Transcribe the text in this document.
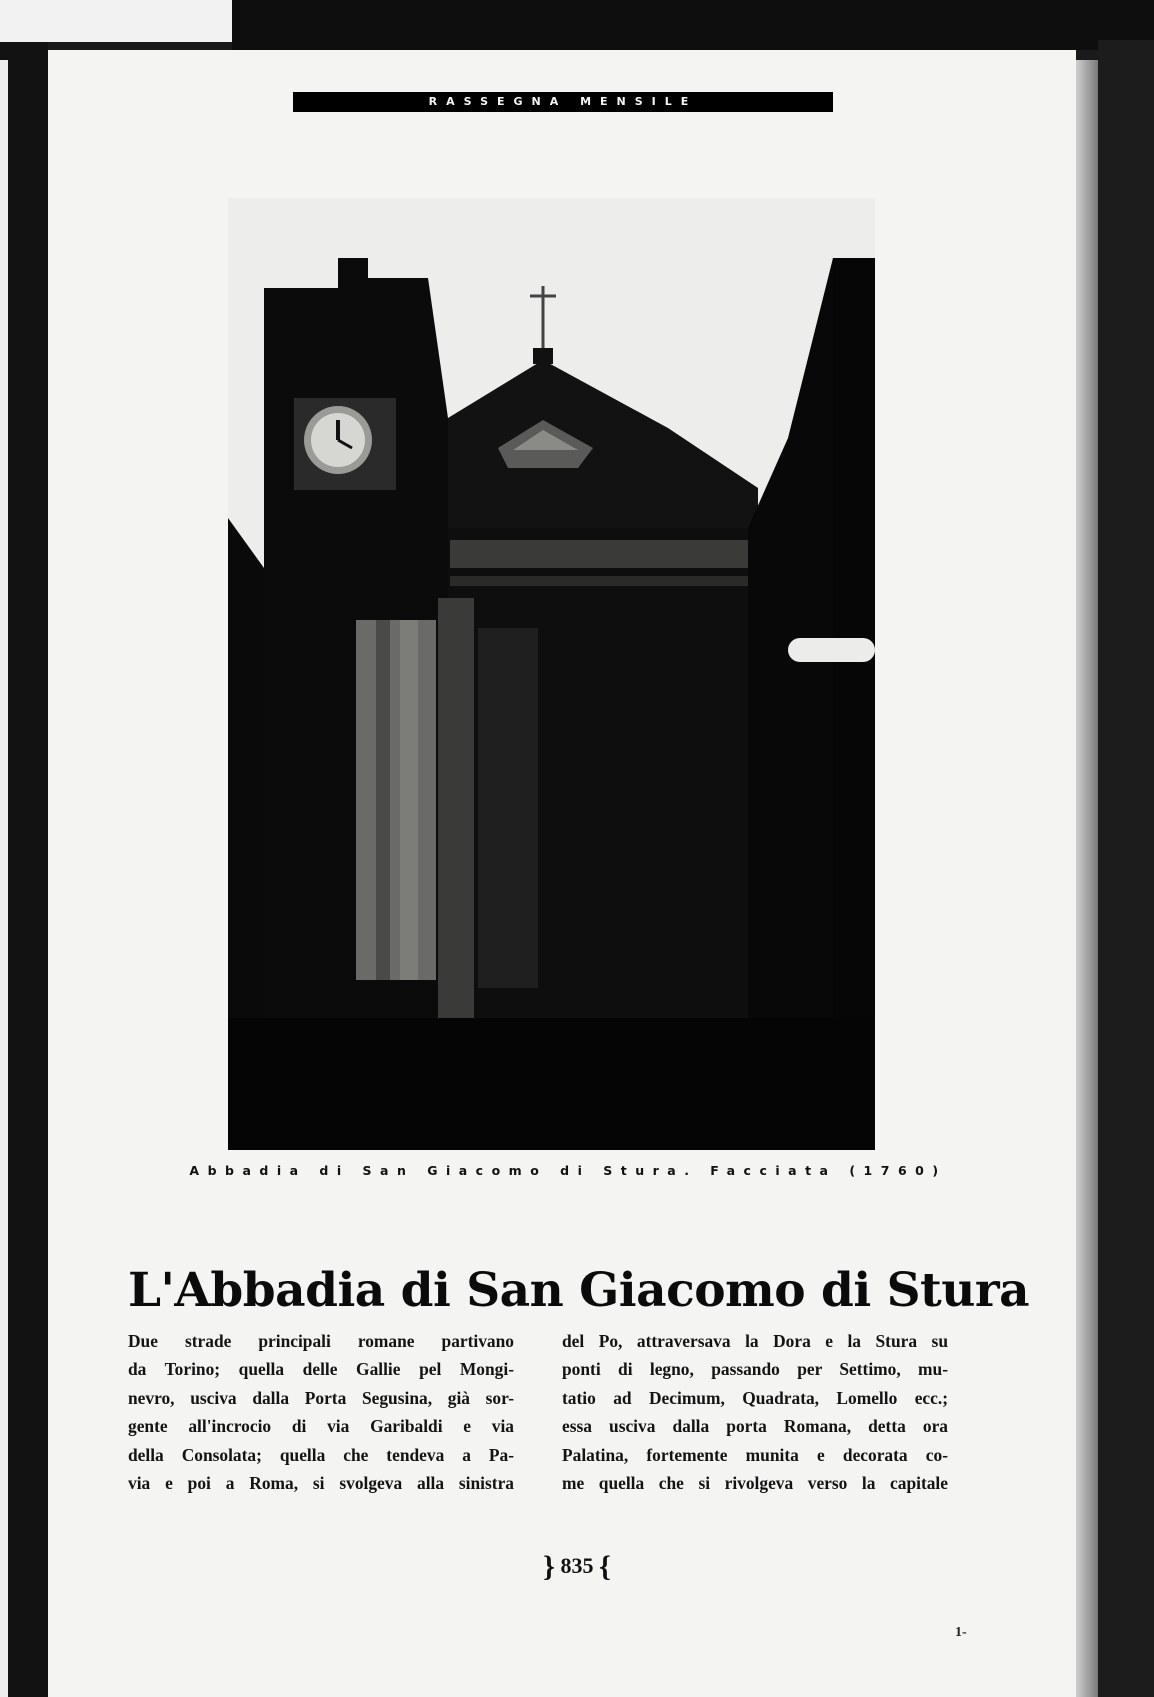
RASSEGNA MENSILE
Abbadia di San Giacomo di Stura. Facciata (1760)
L'Abbadia di San Giacomo di Stura
Due strade principali romane partivano
da Torino; quella delle Gallie pel Mongi-
nevro, usciva dalla Porta Segusina, già sor-
gente all'incrocio di via Garibaldi e via
della Consolata; quella che tendeva a Pa-
via e poi a Roma, si svolgeva alla sinistra
del Po, attraversava la Dora e la Stura su
ponti di legno, passando per Settimo, mu-
tatio ad Decimum, Quadrata, Lomello ecc.;
essa usciva dalla porta Romana, detta ora
Palatina, fortemente munita e decorata co-
me quella che si rivolgeva verso la capitale
} 835 {
1-
